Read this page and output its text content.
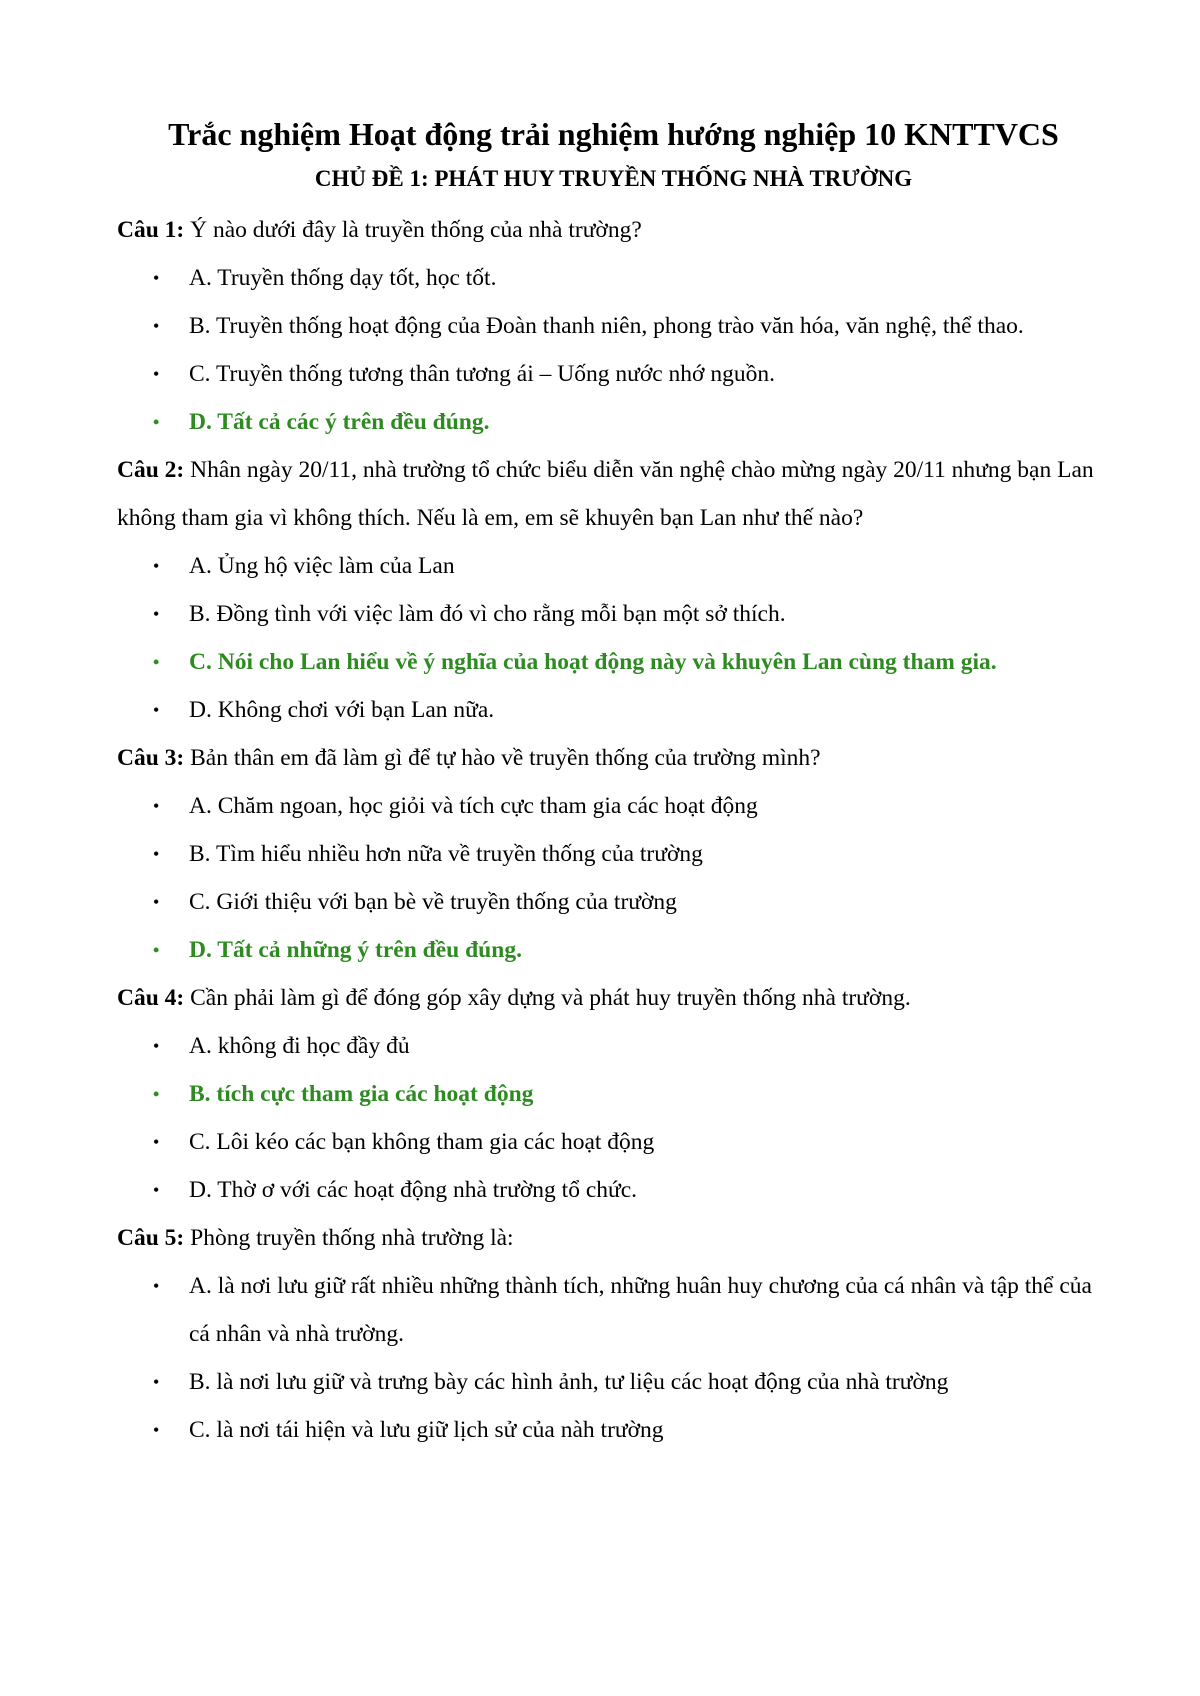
Trắc nghiệm Hoạt động trải nghiệm hướng nghiệp 10 KNTTVCS
CHỦ ĐỀ 1: PHÁT HUY TRUYỀN THỐNG NHÀ TRƯỜNG

Câu 1: Ý nào dưới đây là truyền thống của nhà trường?

• A. Truyền thống dạy tốt, học tốt.
• B. Truyền thống hoạt động của Đoàn thanh niên, phong trào văn hóa, văn nghệ, thể thao.
• C. Truyền thống tương thân tương ái – Uống nước nhớ nguồn.
• D. Tất cả các ý trên đều đúng.

Câu 2: Nhân ngày 20/11, nhà trường tổ chức biểu diễn văn nghệ chào mừng ngày 20/11 nhưng bạn Lan không tham gia vì không thích. Nếu là em, em sẽ khuyên bạn Lan như thế nào?

• A. Ủng hộ việc làm của Lan
• B. Đồng tình với việc làm đó vì cho rằng mỗi bạn một sở thích.
• C. Nói cho Lan hiểu về ý nghĩa của hoạt động này và khuyên Lan cùng tham gia.
• D. Không chơi với bạn Lan nữa.

Câu 3: Bản thân em đã làm gì để tự hào về truyền thống của trường mình?

• A. Chăm ngoan, học giỏi và tích cực tham gia các hoạt động
• B. Tìm hiểu nhiều hơn nữa về truyền thống của trường
• C. Giới thiệu với bạn bè về truyền thống của trường
• D. Tất cả những ý trên đều đúng.

Câu 4: Cần phải làm gì để đóng góp xây dựng và phát huy truyền thống nhà trường.

• A. không đi học đầy đủ
• B. tích cực tham gia các hoạt động
• C. Lôi kéo các bạn không tham gia các hoạt động
• D. Thờ ơ với các hoạt động nhà trường tổ chức.

Câu 5: Phòng truyền thống nhà trường là:

• A. là nơi lưu giữ rất nhiều những thành tích, những huân huy chương của cá nhân và tập thể của cá nhân và nhà trường.
• B. là nơi lưu giữ và trưng bày các hình ảnh, tư liệu các hoạt động của nhà trường
• C. là nơi tái hiện và lưu giữ lịch sử của nàh trường
